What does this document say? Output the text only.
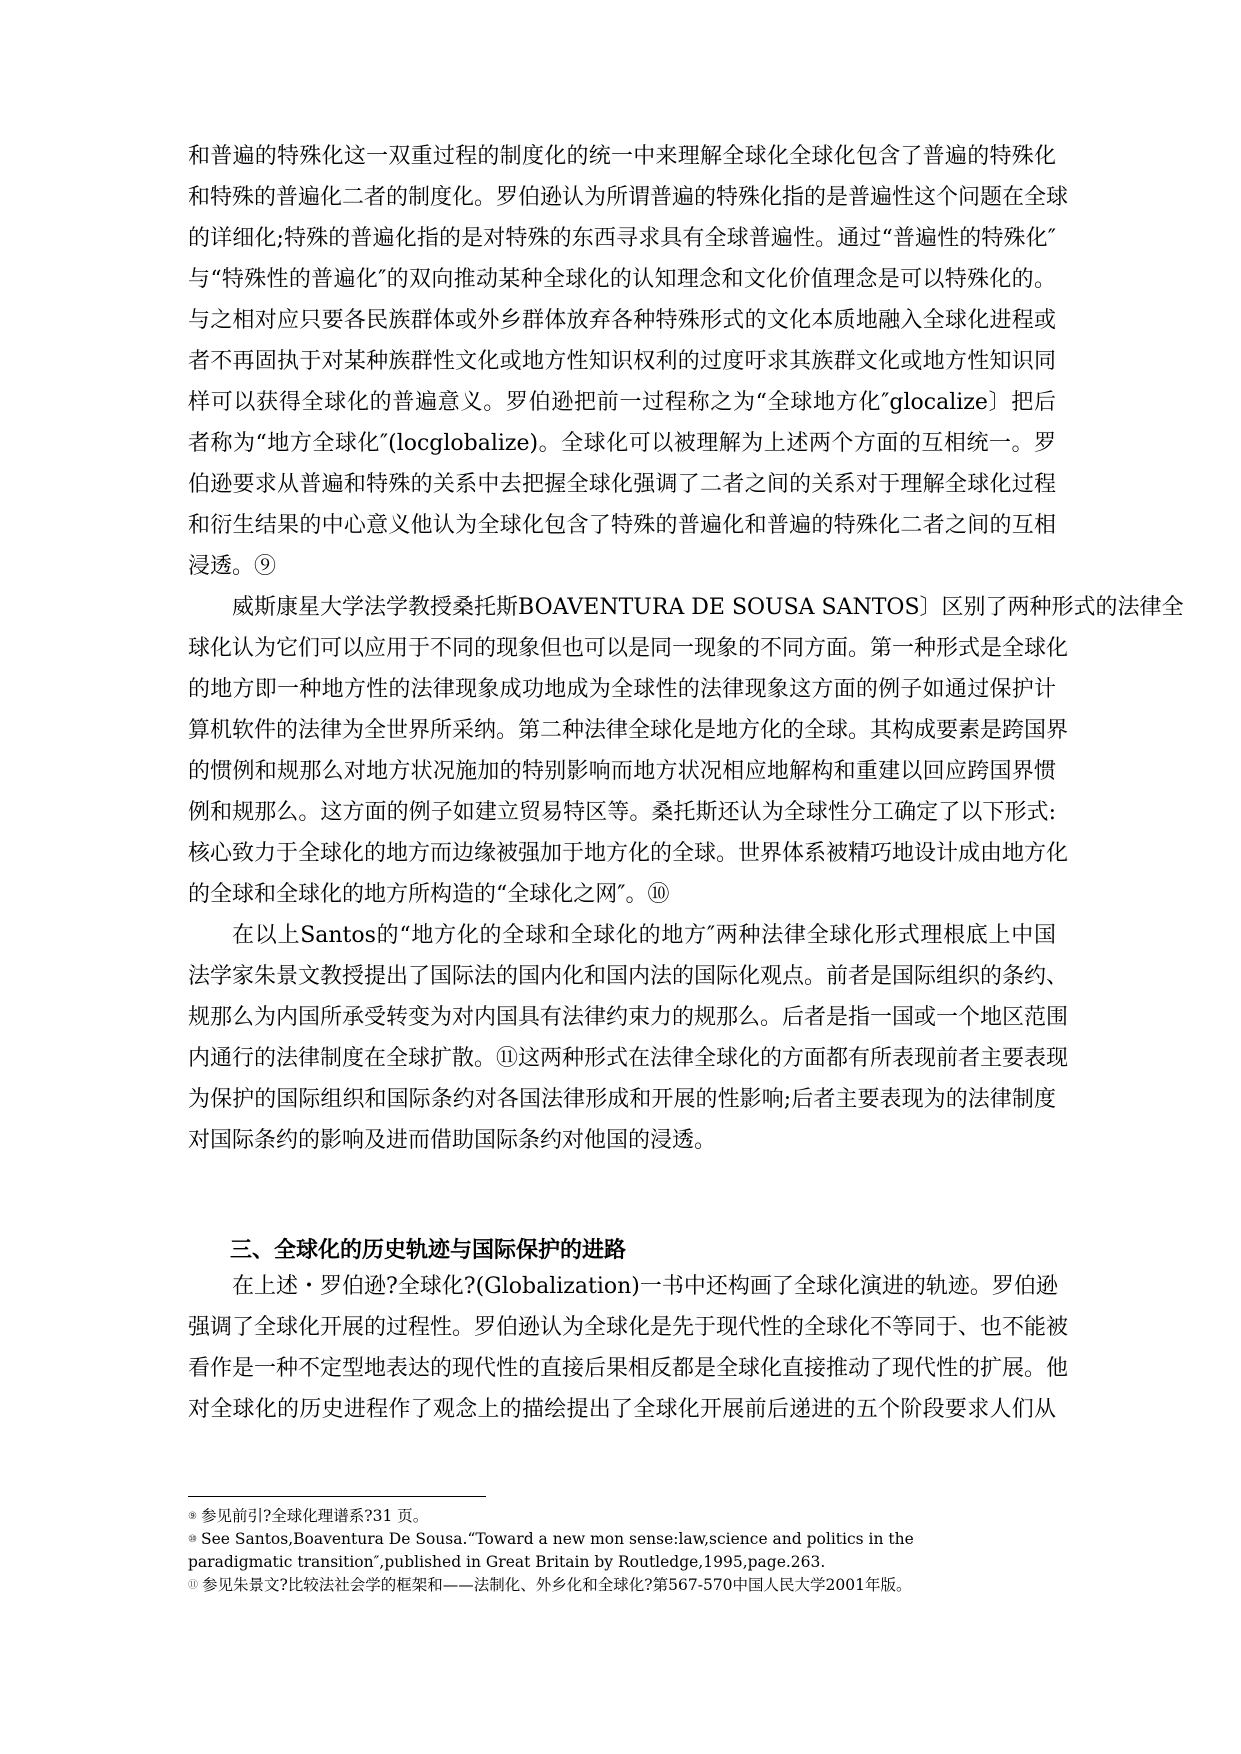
和普遍的特殊化这一双重过程的制度化的统一中来理解全球化全球化包含了普遍的特殊化
和特殊的普遍化二者的制度化。罗伯逊认为所谓普遍的特殊化指的是普遍性这个问题在全球
的详细化;特殊的普遍化指的是对特殊的东西寻求具有全球普遍性。通过“普遍性的特殊化″
与“特殊性的普遍化″的双向推动某种全球化的认知理念和文化价值理念是可以特殊化的。
与之相对应只要各民族群体或外乡群体放弃各种特殊形式的文化本质地融入全球化进程或
者不再固执于对某种族群性文化或地方性知识权利的过度吁求其族群文化或地方性知识同
样可以获得全球化的普遍意义。罗伯逊把前一过程称之为“全球地方化″glocalize〕把后
者称为“地方全球化″(locglobalize)。全球化可以被理解为上述两个方面的互相统一。罗
伯逊要求从普遍和特殊的关系中去把握全球化强调了二者之间的关系对于理解全球化过程
和衍生结果的中心意义他认为全球化包含了特殊的普遍化和普遍的特殊化二者之间的互相
浸透。⑨
威斯康星大学法学教授桑托斯BOAVENTURA DE SOUSA SANTOS〕区别了两种形式的法律全
球化认为它们可以应用于不同的现象但也可以是同一现象的不同方面。第一种形式是全球化
的地方即一种地方性的法律现象成功地成为全球性的法律现象这方面的例子如通过保护计
算机软件的法律为全世界所采纳。第二种法律全球化是地方化的全球。其构成要素是跨国界
的惯例和规那么对地方状况施加的特别影响而地方状况相应地解构和重建以回应跨国界惯
例和规那么。这方面的例子如建立贸易特区等。桑托斯还认为全球性分工确定了以下形式:
核心致力于全球化的地方而边缘被强加于地方化的全球。世界体系被精巧地设计成由地方化
的全球和全球化的地方所构造的“全球化之网″。⑩
在以上Santos的“地方化的全球和全球化的地方″两种法律全球化形式理根底上中国
法学家朱景文教授提出了国际法的国内化和国内法的国际化观点。前者是国际组织的条约、
规那么为内国所承受转变为对内国具有法律约束力的规那么。后者是指一国或一个地区范围
内通行的法律制度在全球扩散。⑪这两种形式在法律全球化的方面都有所表现前者主要表现
为保护的国际组织和国际条约对各国法律形成和开展的性影响;后者主要表现为的法律制度
对国际条约的影响及进而借助国际条约对他国的浸透。
三、全球化的历史轨迹与国际保护的进路
在上述・罗伯逊?全球化?(Globalization)一书中还构画了全球化演进的轨迹。罗伯逊
强调了全球化开展的过程性。罗伯逊认为全球化是先于现代性的全球化不等同于、也不能被
看作是一种不定型地表达的现代性的直接后果相反都是全球化直接推动了现代性的扩展。他
对全球化的历史进程作了观念上的描绘提出了全球化开展前后递进的五个阶段要求人们从
⑨ 参见前引?全球化理谱系?31 页。
⑩ See Santos,Boaventura De Sousa.“Toward a new mon sense:law,science and politics in the
paradigmatic transition″,published in Great Britain by Routledge,1995,page.263.
⑪ 参见朱景文?比较法社会学的框架和——法制化、外乡化和全球化?第567-570中国人民大学2001年版。
